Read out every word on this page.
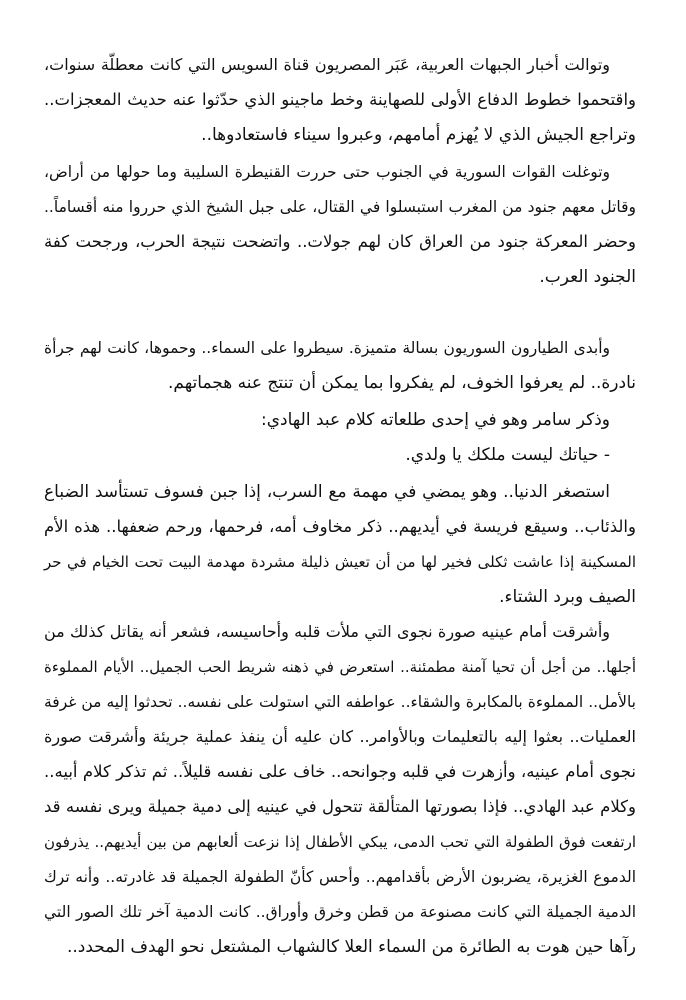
وتوالت أخبار الجبهات العربية، عَبَر المصريون قناة السويس التي كانت معطلّة سنوات،

واقتحموا خطوط الدفاع الأولى للصهاينة وخط ماجينو الذي حدّثوا عنه حديث المعجزات..

وتراجع الجيش الذي لا يُهزم أمامهم، وعبروا سيناء فاستعادوها..

وتوغلت القوات السورية في الجنوب حتى حررت القنيطرة السليبة وما حولها من أراض،

وقاتل معهم جنود من المغرب استبسلوا في القتال، على جبل الشيخ الذي حرروا منه أقساماً..

وحضر المعركة جنود من العراق كان لهم جولات.. واتضحت نتيجة الحرب، ورجحت كفة

الجنود العرب.

وأبدى الطيارون السوريون بسالة متميزة. سيطروا على السماء.. وحموها، كانت لهم جرأة

نادرة.. لم يعرفوا الخوف، لم يفكروا بما يمكن أن تنتج عنه هجماتهم.

وذكر سامر وهو في إحدى طلعاته كلام عبد الهادي:

- حياتك ليست ملكك يا ولدي.

استصغر الدنيا.. وهو يمضي في مهمة مع السرب، إذا جبن فسوف تستأسد الضباع

والذئاب.. وسيقع فريسة في أيديهم.. ذكر مخاوف أمه، فرحمها، ورحم ضعفها.. هذه الأم

المسكينة إذا عاشت ثكلى فخير لها من أن تعيش ذليلة مشردة مهدمة البيت تحت الخيام في حر

الصيف وبرد الشتاء.

وأشرقت أمام عينيه صورة نجوى التي ملأت قلبه وأحاسيسه، فشعر أنه يقاتل كذلك من

أجلها.. من أجل أن تحيا آمنة مطمئنة.. استعرض في ذهنه شريط الحب الجميل.. الأيام المملوءة

بالأمل.. المملوءة بالمكابرة والشقاء.. عواطفه التي استولت على نفسه.. تحدثوا إليه من غرفة

العمليات.. بعثوا إليه بالتعليمات وبالأوامر.. كان عليه أن ينفذ عملية جريئة وأشرقت صورة

نجوى أمام عينيه، وأزهرت في قلبه وجوانحه.. خاف على نفسه قليلاً.. ثم تذكر كلام أبيه..

وكلام عبد الهادي.. فإذا بصورتها المتألقة تتحول في عينيه إلى دمية جميلة ويرى نفسه قد

ارتفعت فوق الطفولة التي تحب الدمى، يبكي الأطفال إذا نزعت ألعابهم من بين أيديهم.. يذرفون

الدموع الغزيرة، يضربون الأرض بأقدامهم.. وأحس كأنّ الطفولة الجميلة قد غادرته.. وأنه ترك

الدمية الجميلة التي كانت مصنوعة من قطن وخرق وأوراق.. كانت الدمية آخر تلك الصور التي

رآها حين هوت به الطائرة من السماء العلا كالشهاب المشتعل نحو الهدف المحدد..
